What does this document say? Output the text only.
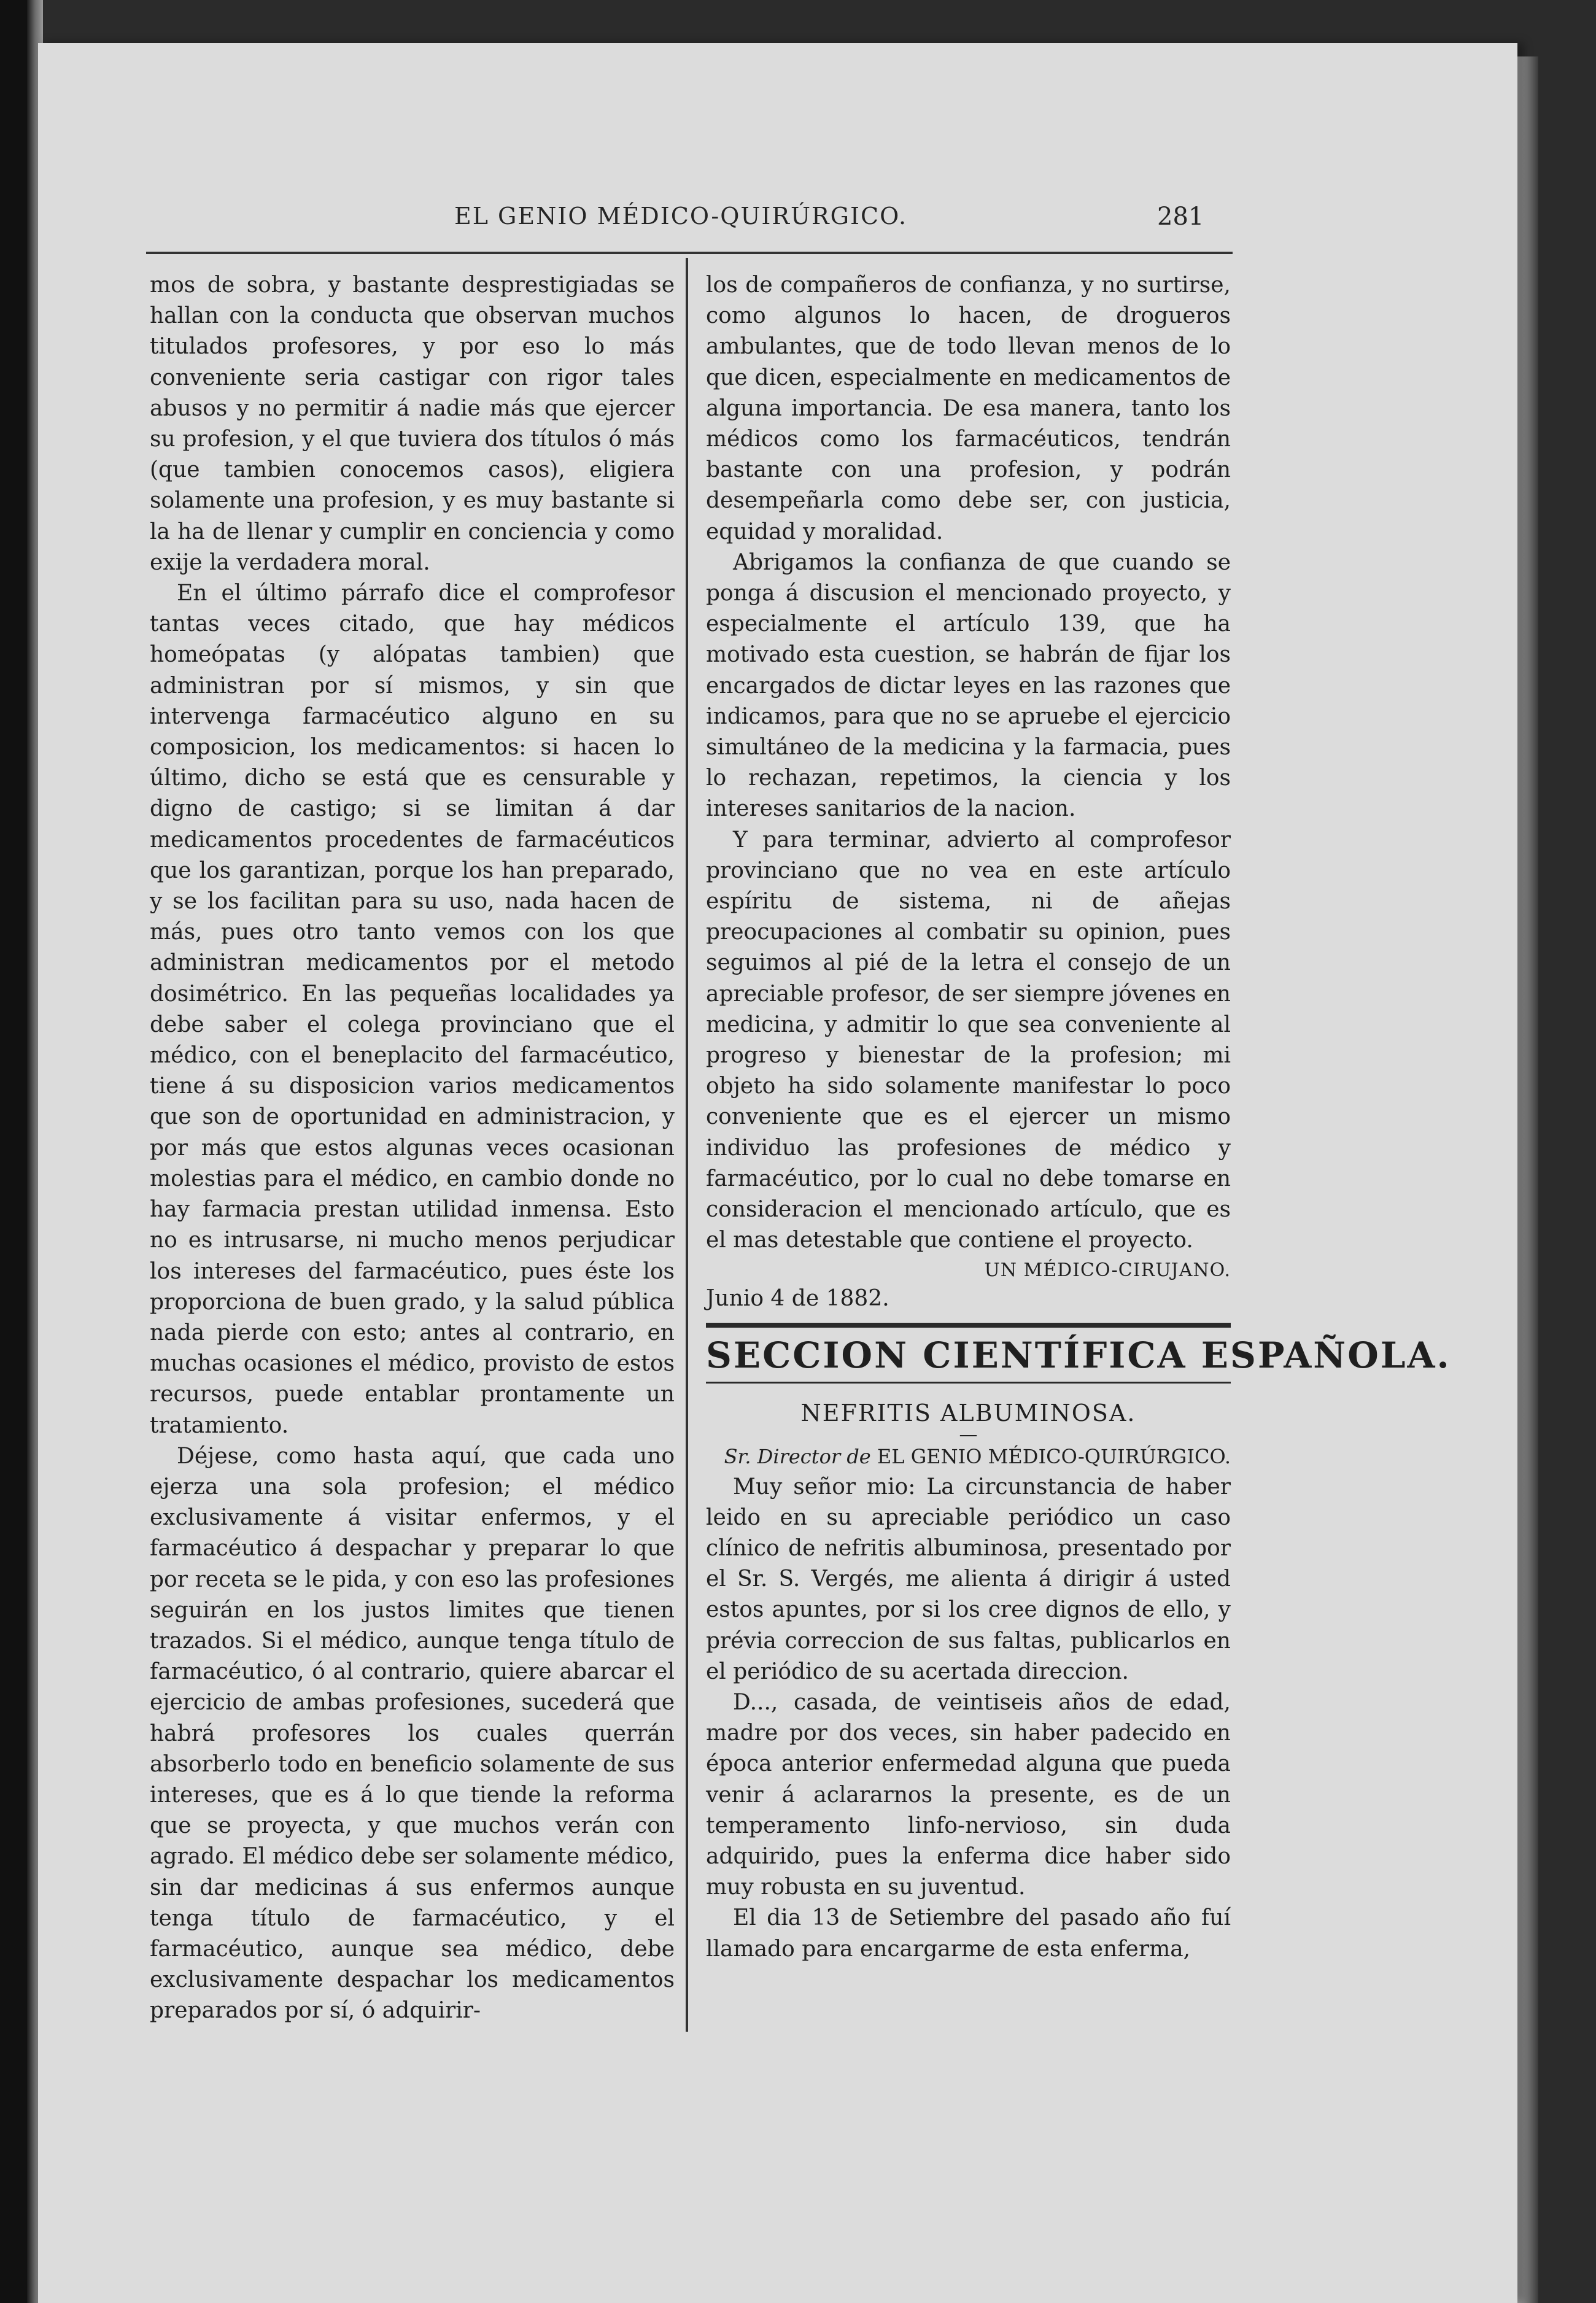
EL GENIO MÉDICO-QUIRÚRGICO.	281

mos de sobra, y bastante desprestigiadas se hallan con la conducta que observan muchos titulados profesores, y por eso lo más conveniente seria castigar con rigor tales abusos y no permitir á nadie más que ejercer su profesion, y el que tuviera dos títulos ó más (que tambien conocemos casos), eligiera solamente una profesion, y es muy bastante si la ha de llenar y cumplir en conciencia y como exije la verdadera moral.

En el último párrafo dice el comprofesor tantas veces citado, que hay médicos homeópatas (y alópatas tambien) que administran por sí mismos, y sin que intervenga farmacéutico alguno en su composicion, los medicamentos: si hacen lo último, dicho se está que es censurable y digno de castigo; si se limitan á dar medicamentos procedentes de farmacéuticos que los garantizan, porque los han preparado, y se los facilitan para su uso, nada hacen de más, pues otro tanto vemos con los que administran medicamentos por el metodo dosimétrico. En las pequeñas localidades ya debe saber el colega provinciano que el médico, con el beneplacito del farmacéutico, tiene á su disposicion varios medicamentos que son de oportunidad en administracion, y por más que estos algunas veces ocasionan molestias para el médico, en cambio donde no hay farmacia prestan utilidad inmensa. Esto no es intrusarse, ni mucho menos perjudicar los intereses del farmacéutico, pues éste los proporciona de buen grado, y la salud pública nada pierde con esto; antes al contrario, en muchas ocasiones el médico, provisto de estos recursos, puede entablar prontamente un tratamiento.

Déjese, como hasta aquí, que cada uno ejerza una sola profesion; el médico exclusivamente á visitar enfermos, y el farmacéutico á despachar y preparar lo que por receta se le pida, y con eso las profesiones seguirán en los justos limites que tienen trazados. Si el médico, aunque tenga título de farmacéutico, ó al contrario, quiere abarcar el ejercicio de ambas profesiones, sucederá que habrá profesores los cuales querrán absorberlo todo en beneficio solamente de sus intereses, que es á lo que tiende la reforma que se proyecta, y que muchos verán con agrado. El médico debe ser solamente médico, sin dar medicinas á sus enfermos aunque tenga título de farmacéutico, y el farmacéutico, aunque sea médico, debe exclusivamente despachar los medicamentos preparados por sí, ó adquirir-

los de compañeros de confianza, y no surtirse, como algunos lo hacen, de drogueros ambulantes, que de todo llevan menos de lo que dicen, especialmente en medicamentos de alguna importancia. De esa manera, tanto los médicos como los farmacéuticos, tendrán bastante con una profesion, y podrán desempeñarla como debe ser, con justicia, equidad y moralidad.

Abrigamos la confianza de que cuando se ponga á discusion el mencionado proyecto, y especialmente el artículo 139, que ha motivado esta cuestion, se habrán de fijar los encargados de dictar leyes en las razones que indicamos, para que no se apruebe el ejercicio simultáneo de la medicina y la farmacia, pues lo rechazan, repetimos, la ciencia y los intereses sanitarios de la nacion.

Y para terminar, advierto al comprofesor provinciano que no vea en este artículo espíritu de sistema, ni de añejas preocupaciones al combatir su opinion, pues seguimos al pié de la letra el consejo de un apreciable profesor, de ser siempre jóvenes en medicina, y admitir lo que sea conveniente al progreso y bienestar de la profesion; mi objeto ha sido solamente manifestar lo poco conveniente que es el ejercer un mismo individuo las profesiones de médico y farmacéutico, por lo cual no debe tomarse en consideracion el mencionado artículo, que es el mas detestable que contiene el proyecto.

UN MÉDICO-CIRUJANO.

Junio 4 de 1882.

SECCION CIENTÍFICA ESPAÑOLA.
NEFRITIS ALBUMINOSA.
—
Sr. Director de EL GENIO MÉDICO-QUIRÚRGICO.

Muy señor mio: La circunstancia de haber leido en su apreciable periódico un caso clínico de nefritis albuminosa, presentado por el Sr. S. Vergés, me alienta á dirigir á usted estos apuntes, por si los cree dignos de ello, y prévia correccion de sus faltas, publicarlos en el periódico de su acertada direccion.

D..., casada, de veintiseis años de edad, madre por dos veces, sin haber padecido en época anterior enfermedad alguna que pueda venir á aclararnos la presente, es de un temperamento linfo-nervioso, sin duda adquirido, pues la enferma dice haber sido muy robusta en su juventud.

El dia 13 de Setiembre del pasado año fuí llamado para encargarme de esta enferma,
